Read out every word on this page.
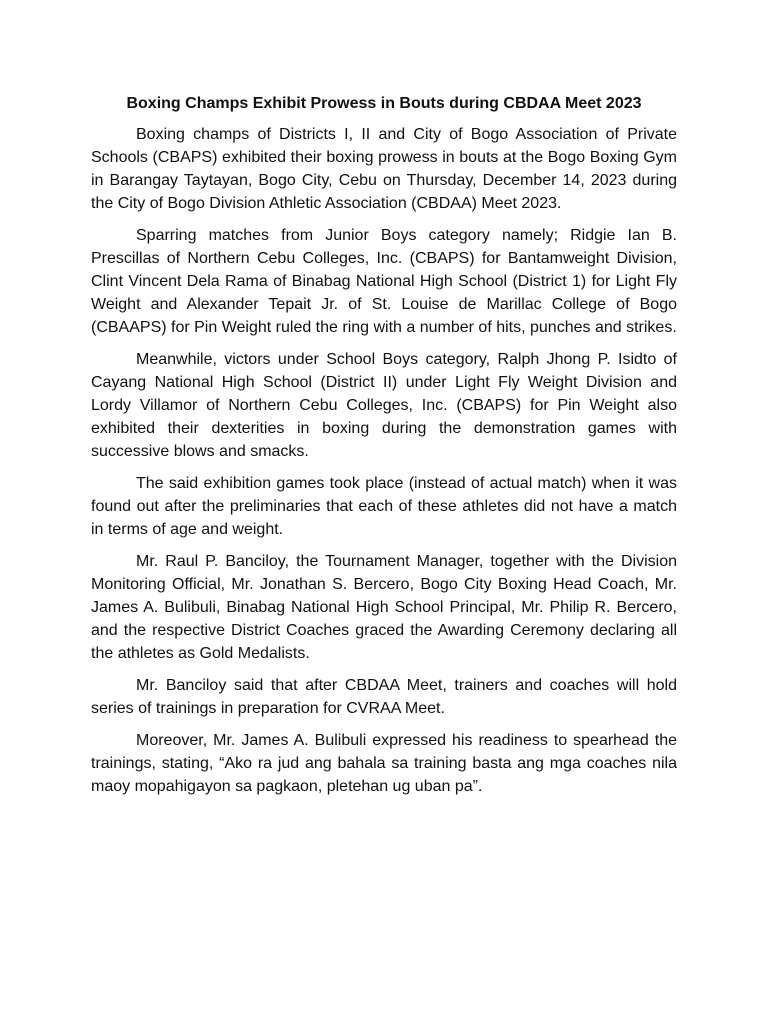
Boxing Champs Exhibit Prowess in Bouts during CBDAA Meet 2023

Boxing champs of Districts I, II and City of Bogo Association of Private Schools (CBAPS) exhibited their boxing prowess in bouts at the Bogo Boxing Gym in Barangay Taytayan, Bogo City, Cebu on Thursday, December 14, 2023 during the City of Bogo Division Athletic Association (CBDAA) Meet 2023.

Sparring matches from Junior Boys category namely; Ridgie Ian B. Prescillas of Northern Cebu Colleges, Inc. (CBAPS) for Bantamweight Division, Clint Vincent Dela Rama of Binabag National High School (District 1) for Light Fly Weight and Alexander Tepait Jr. of St. Louise de Marillac College of Bogo (CBAAPS) for Pin Weight ruled the ring with a number of hits, punches and strikes.

Meanwhile, victors under School Boys category, Ralph Jhong P. Isidto of Cayang National High School (District II) under Light Fly Weight Division and Lordy Villamor of Northern Cebu Colleges, Inc. (CBAPS) for Pin Weight also exhibited their dexterities in boxing during the demonstration games with successive blows and smacks.

The said exhibition games took place (instead of actual match) when it was found out after the preliminaries that each of these athletes did not have a match in terms of age and weight.

Mr. Raul P. Banciloy, the Tournament Manager, together with the Division Monitoring Official, Mr. Jonathan S. Bercero, Bogo City Boxing Head Coach, Mr. James A. Bulibuli, Binabag National High School Principal, Mr. Philip R. Bercero, and the respective District Coaches graced the Awarding Ceremony declaring all the athletes as Gold Medalists.

Mr. Banciloy said that after CBDAA Meet, trainers and coaches will hold series of trainings in preparation for CVRAA Meet.

Moreover, Mr. James A. Bulibuli expressed his readiness to spearhead the trainings, stating, “Ako ra jud ang bahala sa training basta ang mga coaches nila maoy mopahigayon sa pagkaon, pletehan ug uban pa”.
